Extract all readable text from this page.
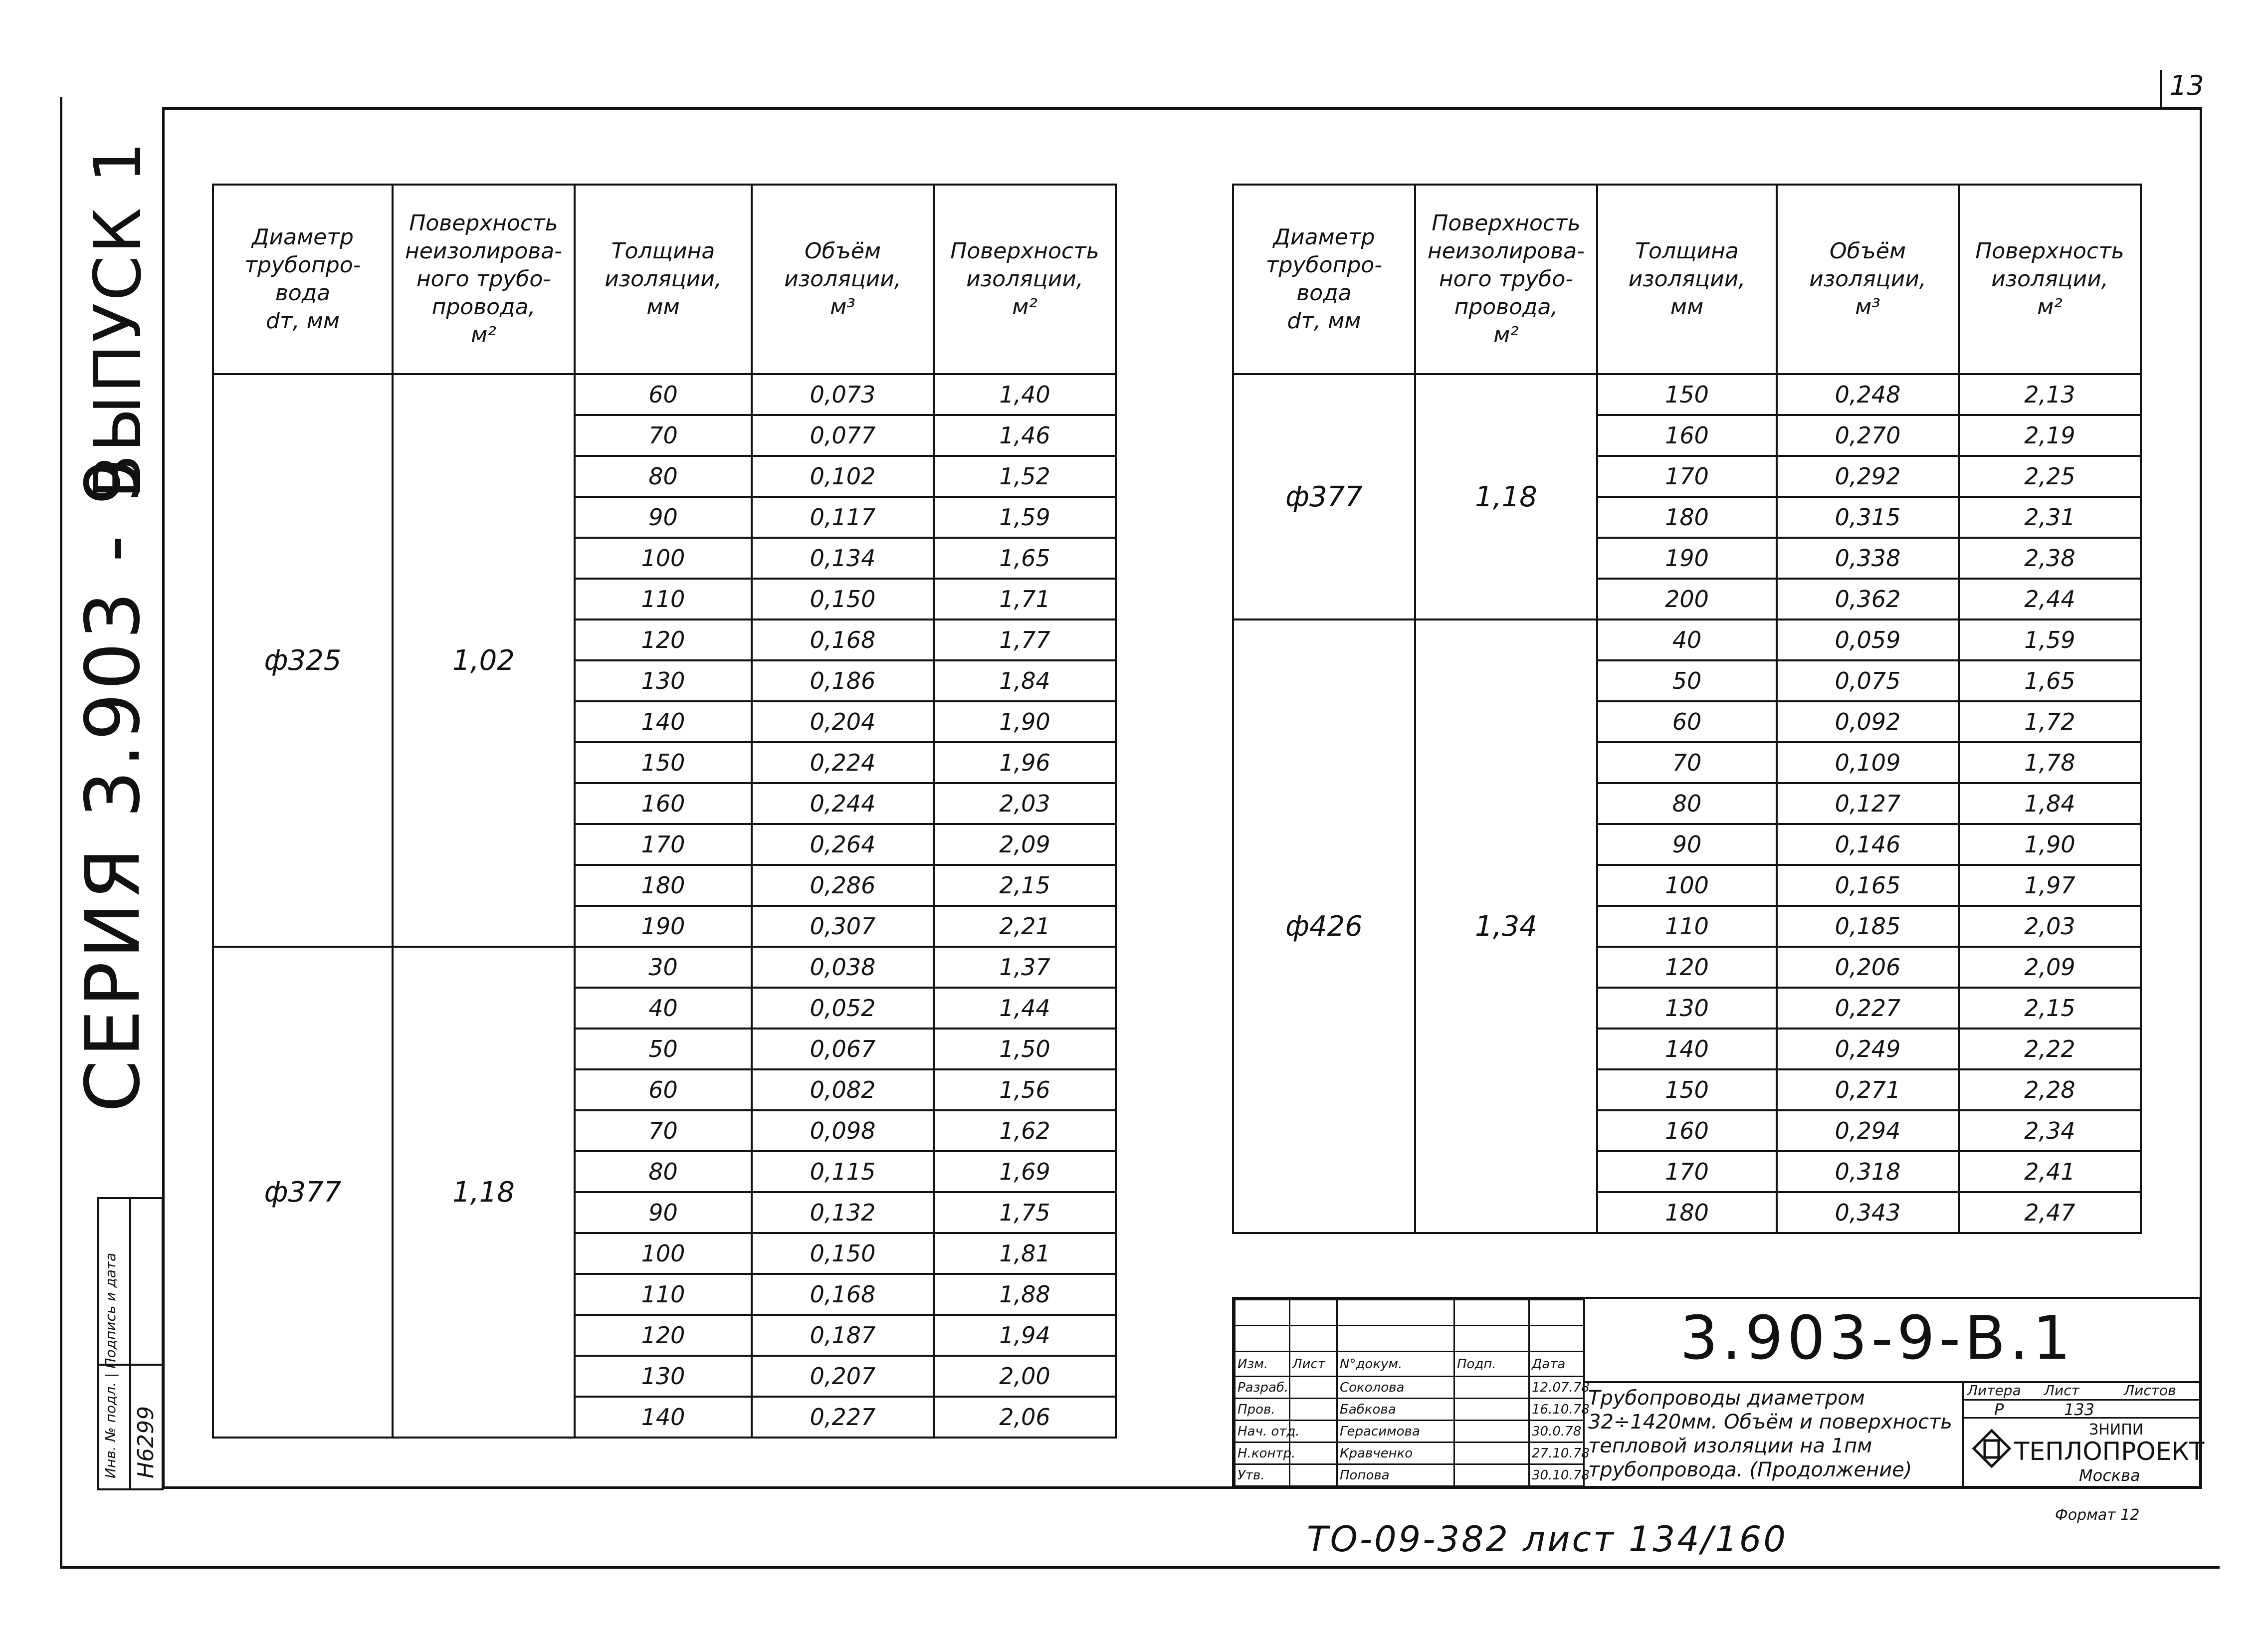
13
СЕРИЯ 3.903 - 9
ВЫПУСК 1
Инв. № подл. | Подпись и дата Н6299
Диаметр
трубопро-
вода
dт, мм	Поверхность
неизолирова-
ного трубо-
провода,
м²	Толщина
изоляции,
мм	Объём
изоляции,
м³	Поверхность
изоляции,
м²
ф325	1,02	60	0,073	1,40
		70	0,077	1,46
		80	0,102	1,52
		90	0,117	1,59
		100	0,134	1,65
		110	0,150	1,71
		120	0,168	1,77
		130	0,186	1,84
		140	0,204	1,90
		150	0,224	1,96
		160	0,244	2,03
		170	0,264	2,09
		180	0,286	2,15
		190	0,307	2,21
ф377	1,18	30	0,038	1,37
		40	0,052	1,44
		50	0,067	1,50
		60	0,082	1,56
		70	0,098	1,62
		80	0,115	1,69
		90	0,132	1,75
		100	0,150	1,81
		110	0,168	1,88
		120	0,187	1,94
		130	0,207	2,00
		140	0,227	2,06
Диаметр
трубопро-
вода
dт, мм	Поверхность
неизолирова-
ного трубо-
провода,
м²	Толщина
изоляции,
мм	Объём
изоляции,
м³	Поверхность
изоляции,
м²
ф377	1,18	150	0,248	2,13
		160	0,270	2,19
		170	0,292	2,25
		180	0,315	2,31
		190	0,338	2,38
		200	0,362	2,44
ф426	1,34	40	0,059	1,59
		50	0,075	1,65
		60	0,092	1,72
		70	0,109	1,78
		80	0,127	1,84
		90	0,146	1,90
		100	0,165	1,97
		110	0,185	2,03
		120	0,206	2,09
		130	0,227	2,15
		140	0,249	2,22
		150	0,271	2,28
		160	0,294	2,34
		170	0,318	2,41
		180	0,343	2,47

Изм.	Лист	N°докум.	Подп.	Дата
Разраб.		Соколова		12.07.78
Пров.		Бабкова		16.10.78
Нач. отд.		Герасимова		30.0.78
Н.контр.		Кравченко		27.10.78
Утв.		Попова		30.10.78
3.903-9-В.1
Трубопроводы диаметром 32÷1420мм. Объём и поверхность тепловой изоляции на 1пм трубопровода. (Продолжение)
Литера Лист	Листов
Р	133
ЗНИПИ
ТЕПЛОПРОЕКТ
Москва
Формат 12
ТО-09-382 лист 134/160
